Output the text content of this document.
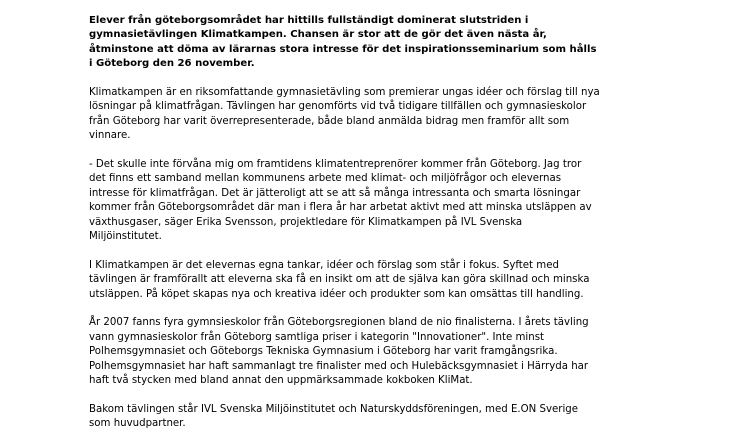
Elever från göteborgsområdet har hittills fullständigt dominerat slutstriden i
gymnasietävlingen Klimatkampen. Chansen är stor att de gör det även nästa år,
åtminstone att döma av lärarnas stora intresse för det inspirationsseminarium som hålls
i Göteborg den 26 november.
Klimatkampen är en riksomfattande gymnasietävling som premierar ungas idéer och förslag till nya
lösningar på klimatfrågan. Tävlingen har genomförts vid två tidigare tillfällen och gymnasieskolor
från Göteborg har varit överrepresenterade, både bland anmälda bidrag men framför allt som
vinnare.
- Det skulle inte förvåna mig om framtidens klimatentreprenörer kommer från Göteborg. Jag tror
det finns ett samband mellan kommunens arbete med klimat- och miljöfrågor och elevernas
intresse för klimatfrågan. Det är jätteroligt att se att så många intressanta och smarta lösningar
kommer från Göteborgsområdet där man i flera år har arbetat aktivt med att minska utsläppen av
växthusgaser, säger Erika Svensson, projektledare för Klimatkampen på IVL Svenska
Miljöinstitutet.
I Klimatkampen är det elevernas egna tankar, idéer och förslag som står i fokus. Syftet med
tävlingen är framförallt att eleverna ska få en insikt om att de själva kan göra skillnad och minska
utsläppen. På köpet skapas nya och kreativa idéer och produkter som kan omsättas till handling.
År 2007 fanns fyra gymnsieskolor från Göteborgsregionen bland de nio finalisterna. I årets tävling
vann gymnasieskolor från Göteborg samtliga priser i kategorin "Innovationer". Inte minst
Polhemsgymnasiet och Göteborgs Tekniska Gymnasium i Göteborg har varit framgångsrika.
Polhemsgymnasiet har haft sammanlagt tre finalister med och Hulebäcksgymnasiet i Härryda har
haft två stycken med bland annat den uppmärksammade kokboken KliMat.
Bakom tävlingen står IVL Svenska Miljöinstitutet och Naturskyddsföreningen, med E.ON Sverige
som huvudpartner.
